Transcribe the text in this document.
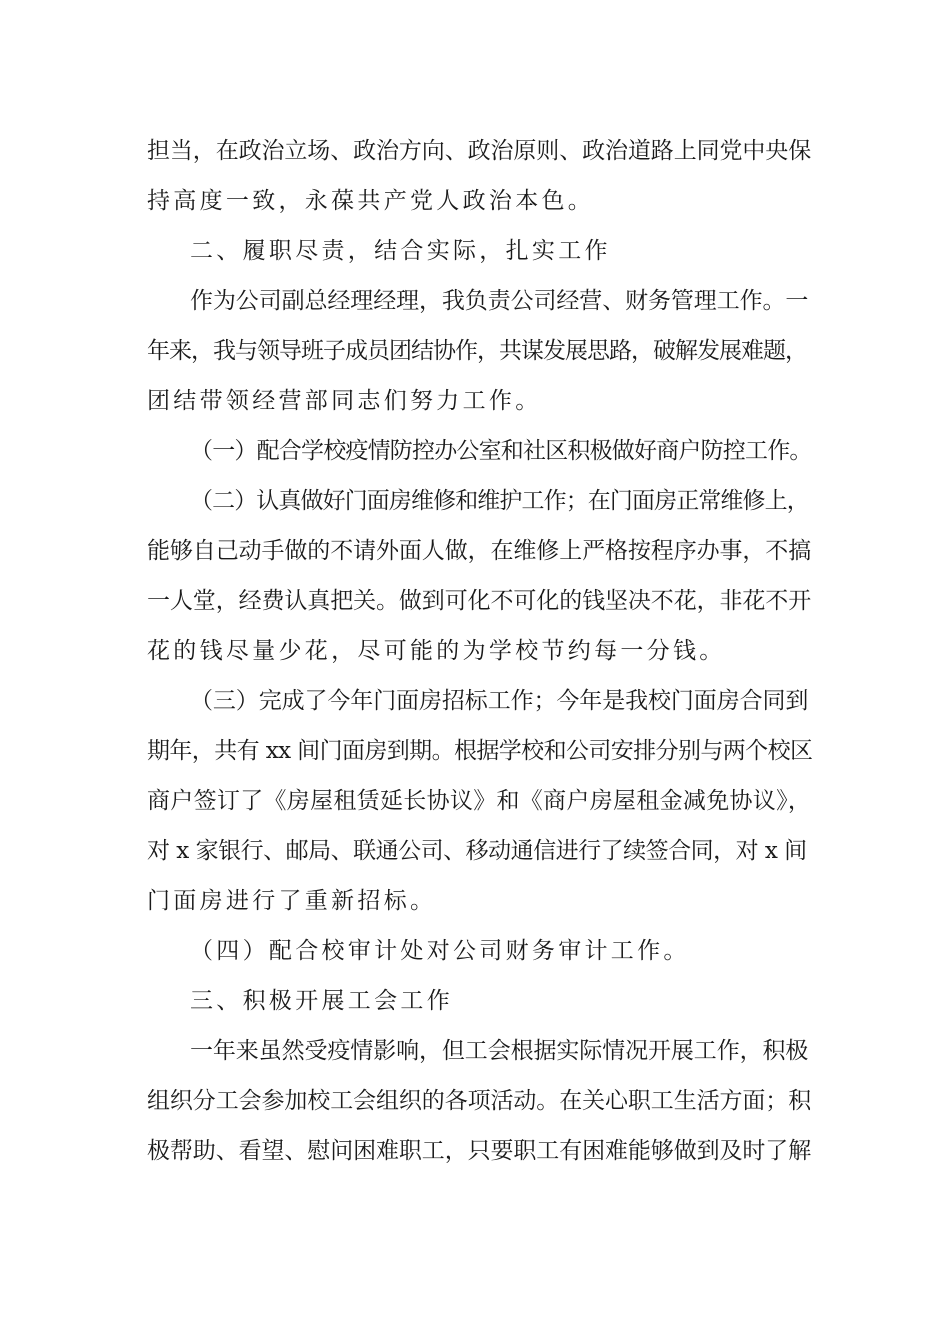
担当，在政治立场、政治方向、政治原则、政治道路上同党中央保

持高度一致，永葆共产党人政治本色。

二、履职尽责，结合实际，扎实工作

作为公司副总经理经理，我负责公司经营、财务管理工作。一

年来，我与领导班子成员团结协作，共谋发展思路，破解发展难题，

团结带领经营部同志们努力工作。

（一）配合学校疫情防控办公室和社区积极做好商户防控工作。

（二）认真做好门面房维修和维护工作；在门面房正常维修上，

能够自己动手做的不请外面人做，在维修上严格按程序办事，不搞

一人堂，经费认真把关。做到可化不可化的钱坚决不花，非花不开

花的钱尽量少花，尽可能的为学校节约每一分钱。

（三）完成了今年门面房招标工作；今年是我校门面房合同到

期年，共有 xx 间门面房到期。根据学校和公司安排分别与两个校区

商户签订了《房屋租赁延长协议》和《商户房屋租金减免协议》，

对 x 家银行、邮局、联通公司、移动通信进行了续签合同，对 x 间

门面房进行了重新招标。

（四）配合校审计处对公司财务审计工作。

三、积极开展工会工作

一年来虽然受疫情影响，但工会根据实际情况开展工作，积极

组织分工会参加校工会组织的各项活动。在关心职工生活方面；积

极帮助、看望、慰问困难职工，只要职工有困难能够做到及时了解
